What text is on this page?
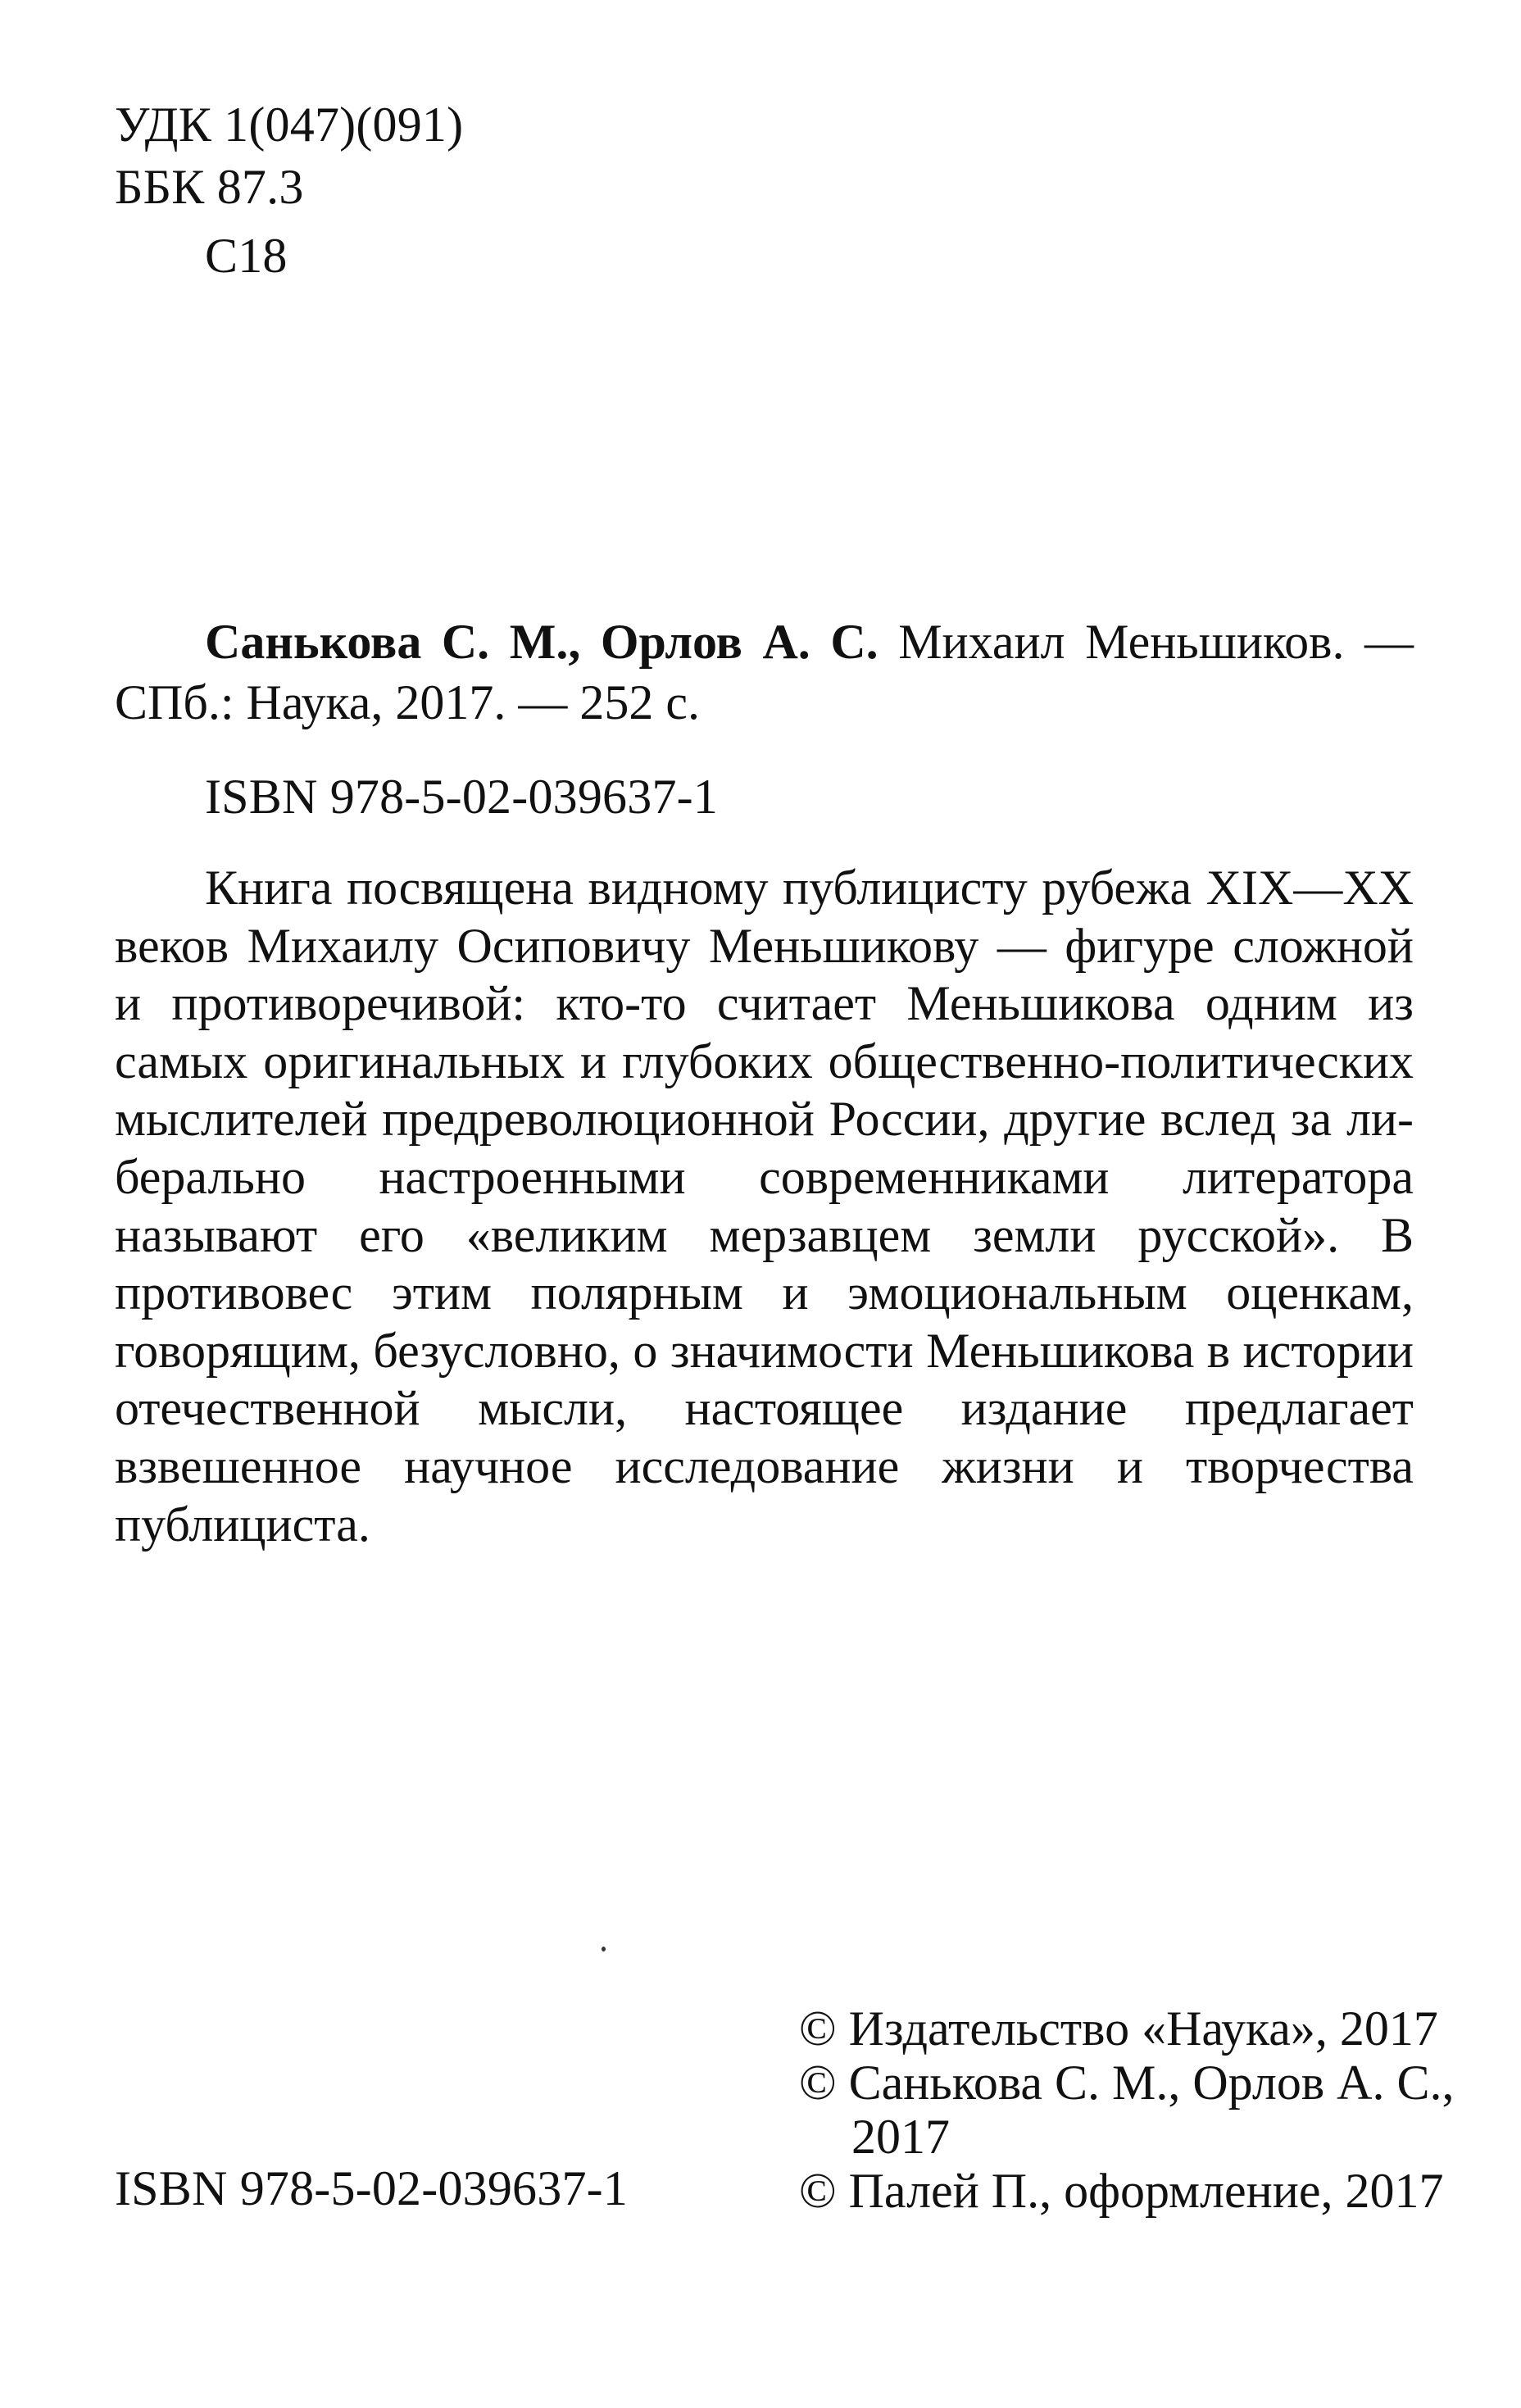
УДК 1(047)(091)
ББК 87.3
С18
Санькова С. М., Орлов А. С. Михаил Меньшиков. —
СПб.: Наука, 2017. — 252 с.
ISBN 978-5-02-039637-1
Книга посвящена видному публицисту рубежа XIX—XX веков Михаилу Осиповичу Меньшикову — фигуре сложной и противоречивой: кто-то считает Меньшикова одним из самых оригинальных и глубоких общественно-политических мыслителей предреволюционной России, другие вслед за либерально настроенными современниками литератора называют его «великим мерзавцем земли русской». В противовес этим полярным и эмоциональным оценкам, говорящим, безусловно, о значимости Меньшикова в истории отечественной мысли, настоящее издание предлагает взвешенное научное исследование жизни и творчества публициста.
© Издательство «Наука», 2017
© Санькова С. М., Орлов А. С.,
2017
© Палей П., оформление, 2017
ISBN 978-5-02-039637-1
